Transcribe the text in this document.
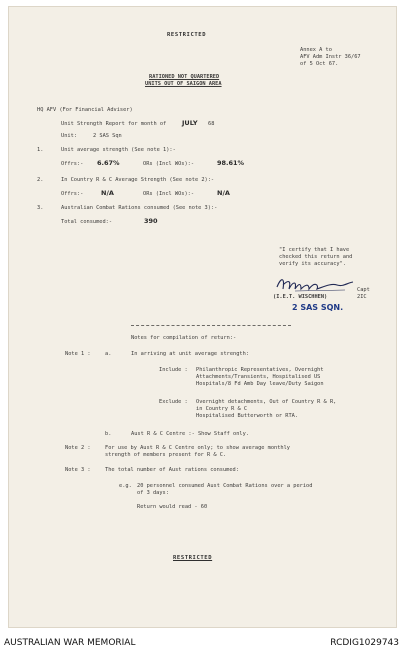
RESTRICTED
Annex A to
AFV Adm Instr 36/67
of 5 Oct 67.
RATIONED NOT QUARTERED
UNITS OUT OF SAIGON AREA
HQ AFV (For Financial Adviser)
Unit Strength Report for month of JULY 68
Unit:	2 SAS Sqn
1.	Unit average strength (See note 1):-
Offrs:- 6.67%	ORs (Incl WOs):-	98.61%
2.	In Country R & C Average Strength (See note 2):-
Offrs:-	N/A	ORs (Incl WOs):-	N/A
3.	Australian Combat Rations consumed (See note 3):-
Total consumed:-	390
"I certify that I have
checked this return and
verify its accuracy".
Capt
2IC
(I.E.T. WISCHHEN)
2 SAS SQN.
Notes for compilation of return:-
Note 1 :	a.	In arriving at unit average strength:
Include : Philanthropic Representatives, Overnight
Attachments/Transients, Hospitalised US
Hospitals/8 Fd Amb Day leave/Duty Saigon
Exclude : Overnight detachments, Out of Country R & R,
in Country R & C
Hospitalised Butterworth or RTA.
b.	Aust R & C Centre :- Show Staff only.
Note 2 :	For use by Aust R & C Centre only; to show average monthly
strength of members present for R & C.
Note 3 :	The total number of Aust rations consumed:
e.g. 20 personnel consumed Aust Combat Rations over a period
of 3 days:
Return would read - 60
RESTRICTED
AUSTRALIAN WAR MEMORIAL	RCDIG1029743
